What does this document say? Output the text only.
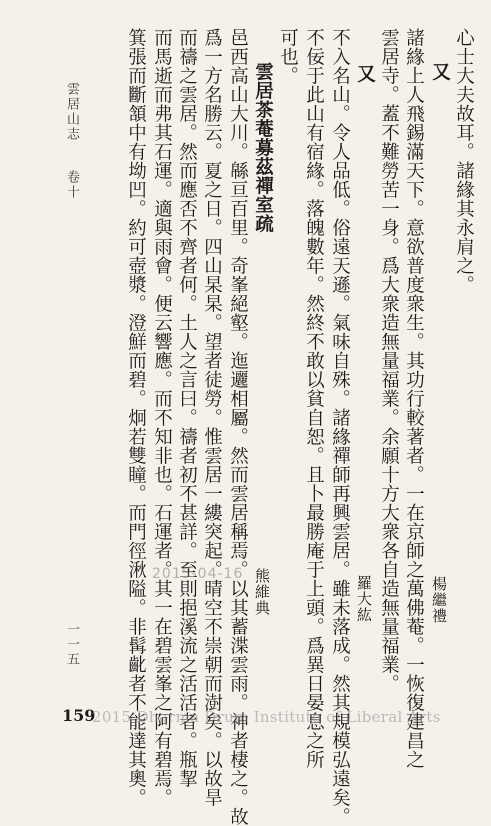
心士大夫故耳。諸緣其永肩之。
又
楊繼禮
諸緣上人飛錫滿天下。意欲普度衆生。其功行較著者。一在京師之萬佛菴。一恢復建昌之
雲居寺。蓋不難勞苦一身。爲大衆造無量福業。余願十方大衆各自造無量福業。
又
羅大紘
不入名山。令人品低。俗遠天遜。氣味自殊。諸緣禪師再興雲居。雖未落成。然其規模弘遠矣。
不佞于此山有宿緣。落魄數年。然終不敢以貧自恕。且卜最勝庵于上頭。爲異日晏息之所
可也。
雲居茶菴募茲禪室疏
熊維典
邑西高山大川。緜亘百里。奇峯絕壑。迤邐相屬。然而雲居稱焉。以其蓄渫雲雨。神者棲之。故
爲一方名勝云。夏之日。四山杲杲。望者徒勞。惟雲居一縷突起。晴空不崇朝而澍矣。以故旱
而禱之雲居。然而應否不齊者何。土人之言曰。禱者初不甚詳。至則挹溪流之活活者。瓶挈
而馬逝而弗其石運。適與雨會。便云響應。而不知非也。石運者。其一在碧雲峯之阿有碧焉。
箕張而斷頷中有坳凹。約可壺漿。澄鮮而碧。炯若雙瞳。而門徑湫隘。非髯齔者不能達其奧。
雲居山志
卷十
一一五
2015-04-16
159
2015 Dharma Drum Institute of Liberal Arts
